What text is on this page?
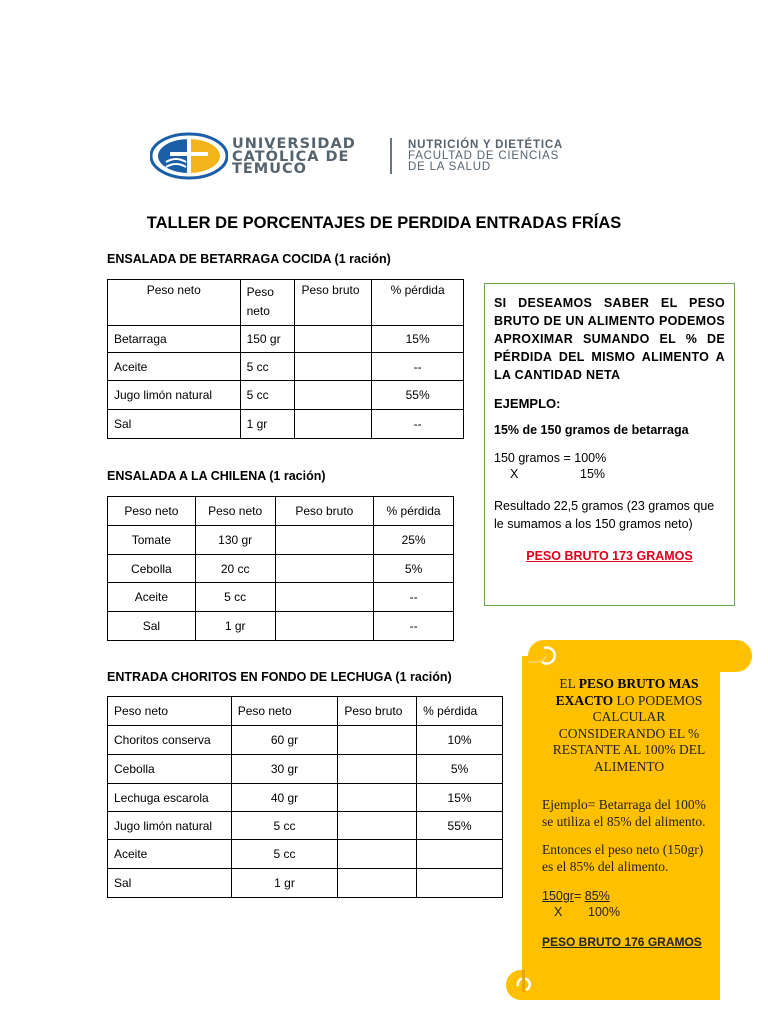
UNIVERSIDAD
CATÓLICA DE
TEMUCO
NUTRICIÓN Y DIETÉTICA
FACULTAD DE CIENCIAS
DE LA SALUD
TALLER DE PORCENTAJES DE PERDIDA ENTRADAS FRÍAS
ENSALADA DE BETARRAGA COCIDA (1 ración)
Peso neto	Peso neto	Peso bruto	% pérdida
Betarraga	150 gr		15%
Aceite	5 cc		--
Jugo limón natural	5 cc		55%
Sal	1 gr		--
ENSALADA A LA CHILENA (1 ración)
Peso neto	Peso neto	Peso bruto	% pérdida
Tomate	130 gr		25%
Cebolla	20 cc		5%
Aceite	5 cc		--
Sal	1 gr		--
ENTRADA CHORITOS EN FONDO DE LECHUGA (1 ración)
Peso neto	Peso neto	Peso bruto	% pérdida
Choritos conserva	60 gr		10%
Cebolla	30 gr		5%
Lechuga escarola	40 gr		15%
Jugo limón natural	5 cc		55%
Aceite	5 cc		
Sal	1 gr		

SI DESEAMOS SABER EL PESO BRUTO DE UN ALIMENTO PODEMOS APROXIMAR SUMANDO EL % DE PÉRDIDA DEL MISMO ALIMENTO A LA CANTIDAD NETA

EJEMPLO:

15% de 150 gramos de betarraga

150 gramos = 100%

X	15%

Resultado 22,5 gramos (23 gramos que le sumamos a los 150 gramos neto)

PESO BRUTO 173 GRAMOS

EL PESO BRUTO MAS EXACTO LO PODEMOS CALCULAR CONSIDERANDO EL % RESTANTE AL 100% DEL ALIMENTO

Ejemplo= Betarraga del 100% se utiliza el 85% del alimento.

Entonces el peso neto (150gr) es el 85% del alimento.

150gr= 85%

X 100%

PESO BRUTO 176 GRAMOS
